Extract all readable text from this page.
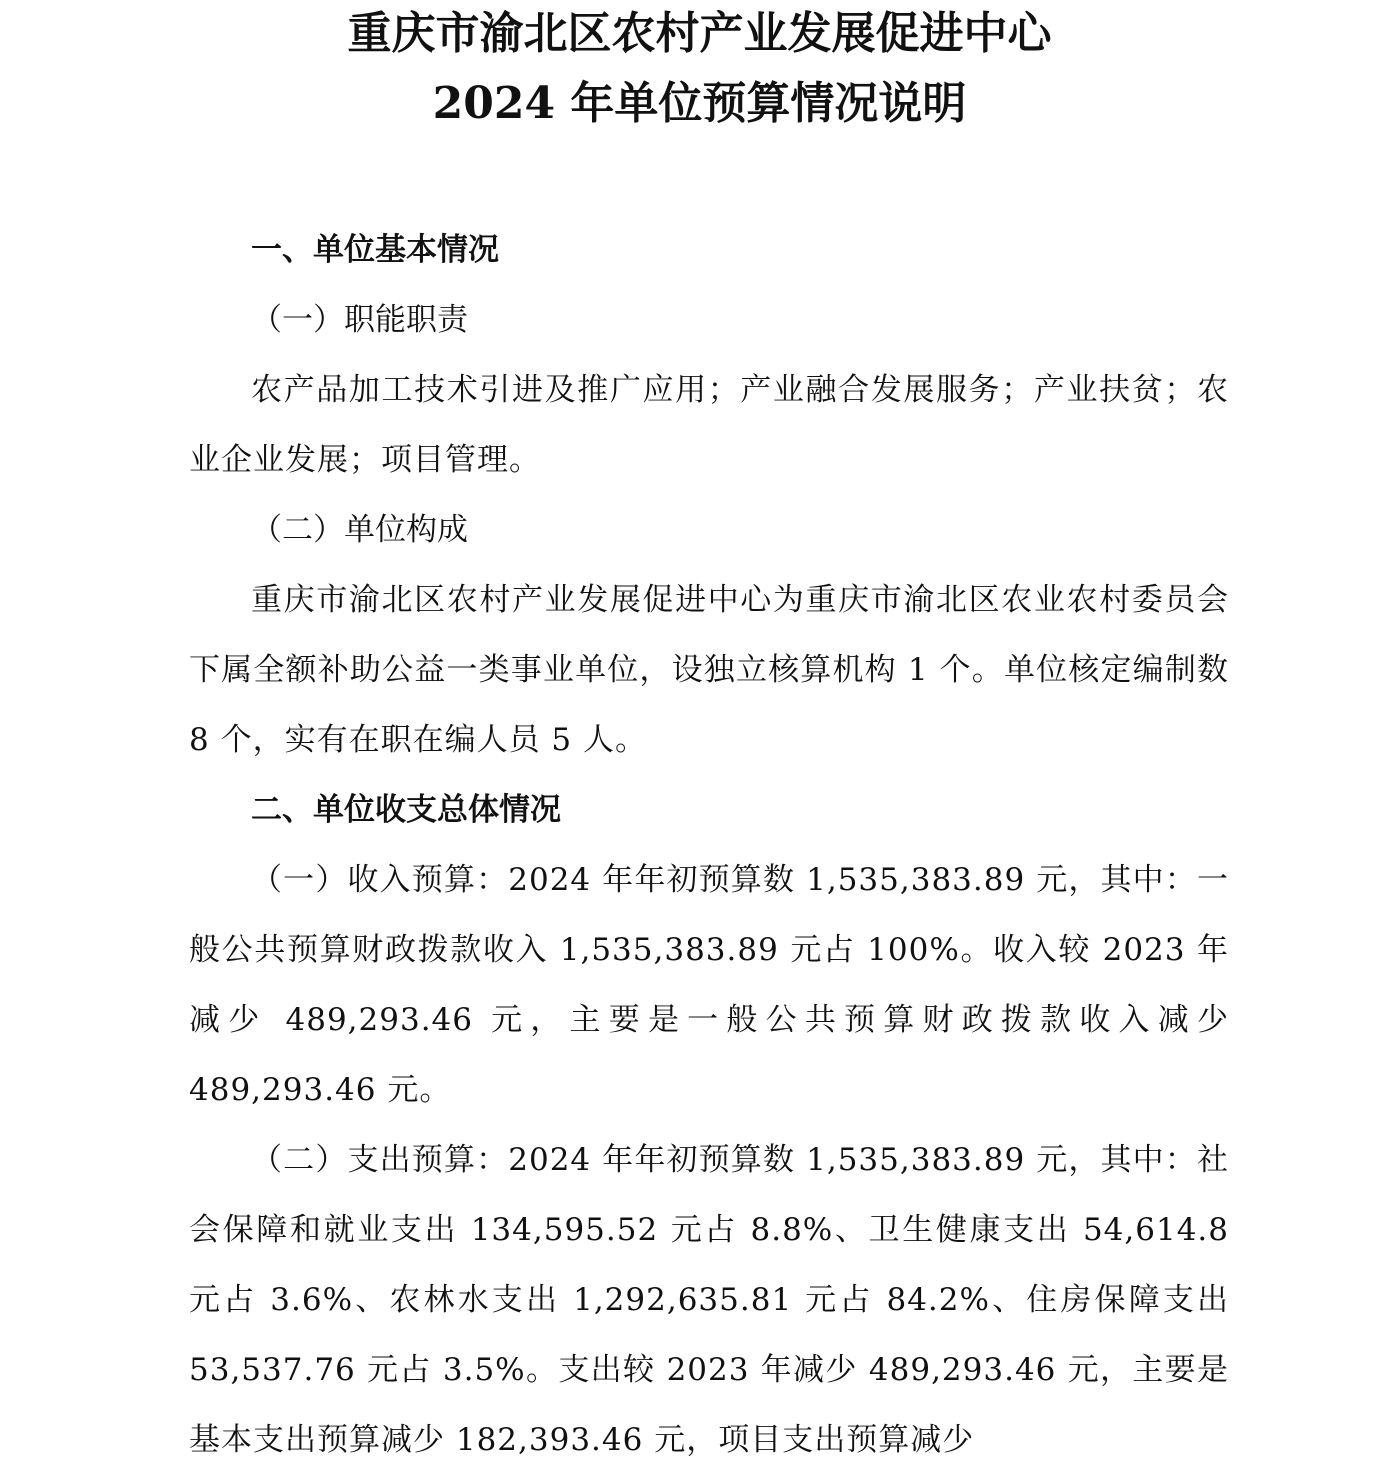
重庆市渝北区农村产业发展促进中心
2024 年单位预算情况说明

一、单位基本情况

（一）职能职责

农产品加工技术引进及推广应用；产业融合发展服务；产业扶贫；农业企业发展；项目管理。

（二）单位构成

重庆市渝北区农村产业发展促进中心为重庆市渝北区农业农村委员会下属全额补助公益一类事业单位，设独立核算机构 1 个。单位核定编制数 8 个，实有在职在编人员 5 人。

二、单位收支总体情况

（一）收入预算：2024 年年初预算数 1,535,383.89 元，其中：一般公共预算财政拨款收入 1,535,383.89 元占 100%。收入较 2023 年减少 489,293.46 元，主要是一般公共预算财政拨款收入减少 489,293.46 元。

（二）支出预算：2024 年年初预算数 1,535,383.89 元，其中：社会保障和就业支出 134,595.52 元占 8.8%、卫生健康支出 54,614.8 元占 3.6%、农林水支出 1,292,635.81 元占 84.2%、住房保障支出 53,537.76 元占 3.5%。支出较 2023 年减少 489,293.46 元，主要是基本支出预算减少 182,393.46 元，项目支出预算减少
